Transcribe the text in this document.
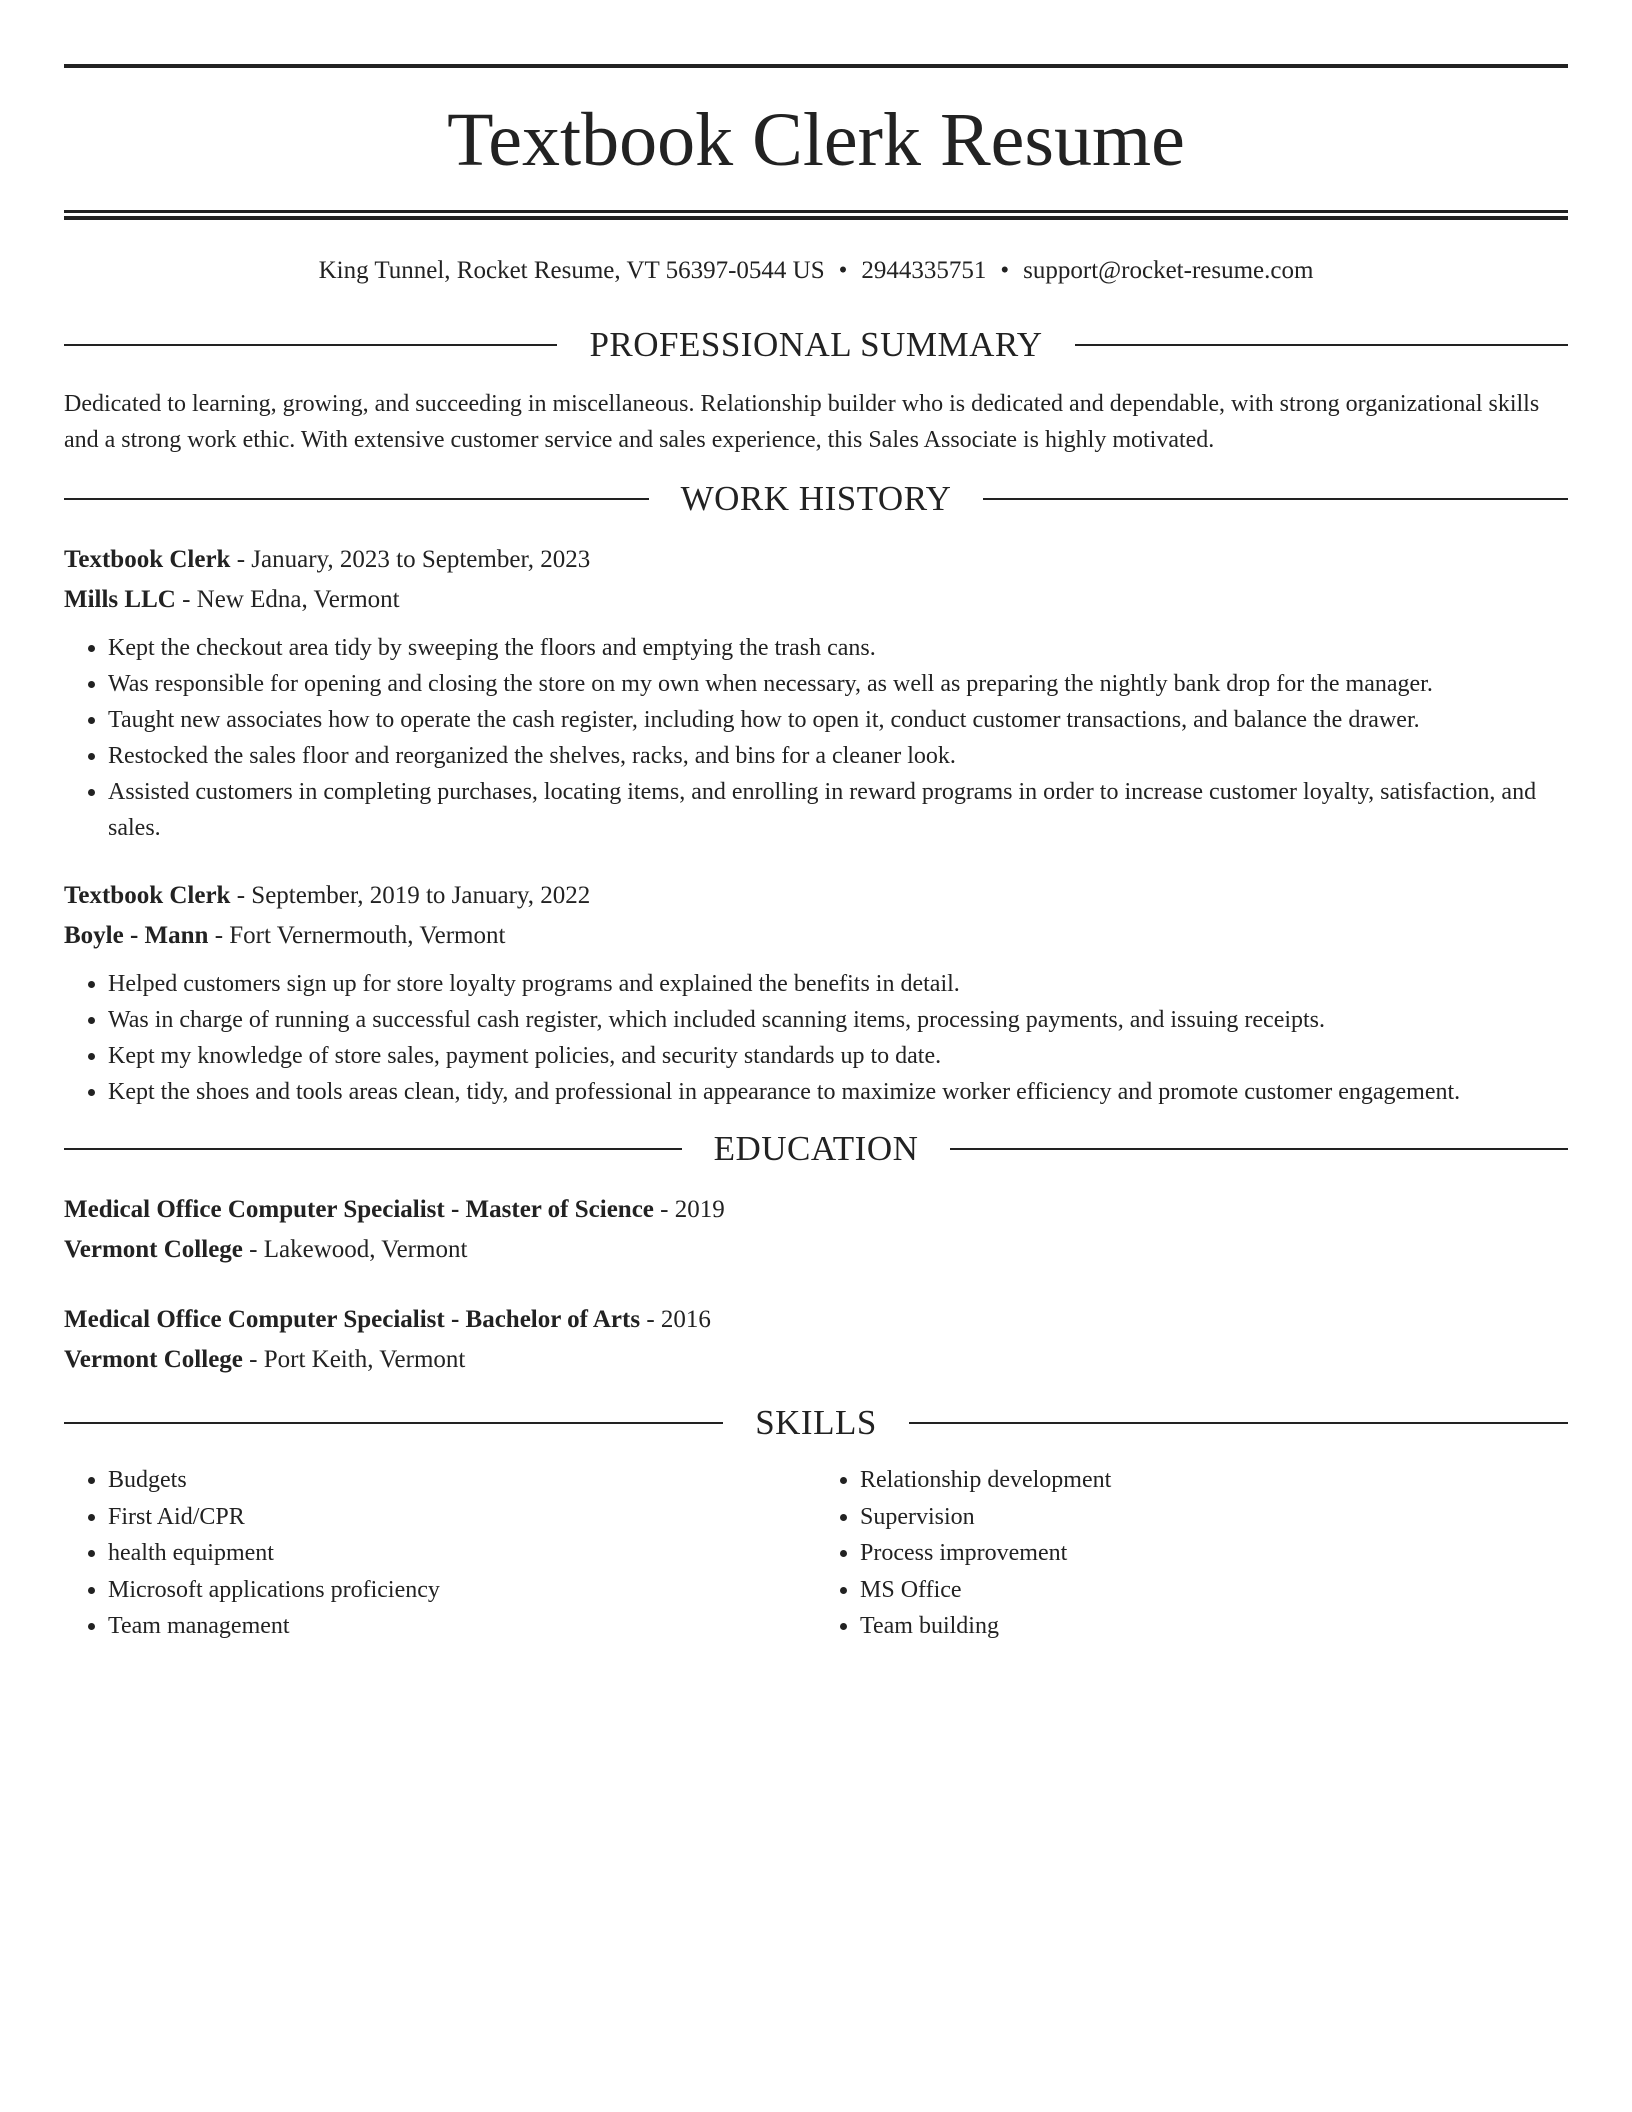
Textbook Clerk Resume
King Tunnel, Rocket Resume, VT 56397-0544 US • 2944335751 • support@rocket-resume.com
PROFESSIONAL SUMMARY

Dedicated to learning, growing, and succeeding in miscellaneous. Relationship builder who is dedicated and dependable, with strong organizational skills and a strong work ethic. With extensive customer service and sales experience, this Sales Associate is highly motivated.

WORK HISTORY
Textbook Clerk - January, 2023 to September, 2023
Mills LLC - New Edna, Vermont
• Kept the checkout area tidy by sweeping the floors and emptying the trash cans.
• Was responsible for opening and closing the store on my own when necessary, as well as preparing the nightly bank drop for the manager.
• Taught new associates how to operate the cash register, including how to open it, conduct customer transactions, and balance the drawer.
• Restocked the sales floor and reorganized the shelves, racks, and bins for a cleaner look.
• Assisted customers in completing purchases, locating items, and enrolling in reward programs in order to increase customer loyalty, satisfaction, and sales.
Textbook Clerk - September, 2019 to January, 2022
Boyle - Mann - Fort Vernermouth, Vermont
• Helped customers sign up for store loyalty programs and explained the benefits in detail.
• Was in charge of running a successful cash register, which included scanning items, processing payments, and issuing receipts.
• Kept my knowledge of store sales, payment policies, and security standards up to date.
• Kept the shoes and tools areas clean, tidy, and professional in appearance to maximize worker efficiency and promote customer engagement.
EDUCATION
Medical Office Computer Specialist - Master of Science - 2019
Vermont College - Lakewood, Vermont
Medical Office Computer Specialist - Bachelor of Arts - 2016
Vermont College - Port Keith, Vermont
SKILLS
• Budgets
• First Aid/CPR
• health equipment
• Microsoft applications proficiency
• Team management
• Relationship development
• Supervision
• Process improvement
• MS Office
• Team building
